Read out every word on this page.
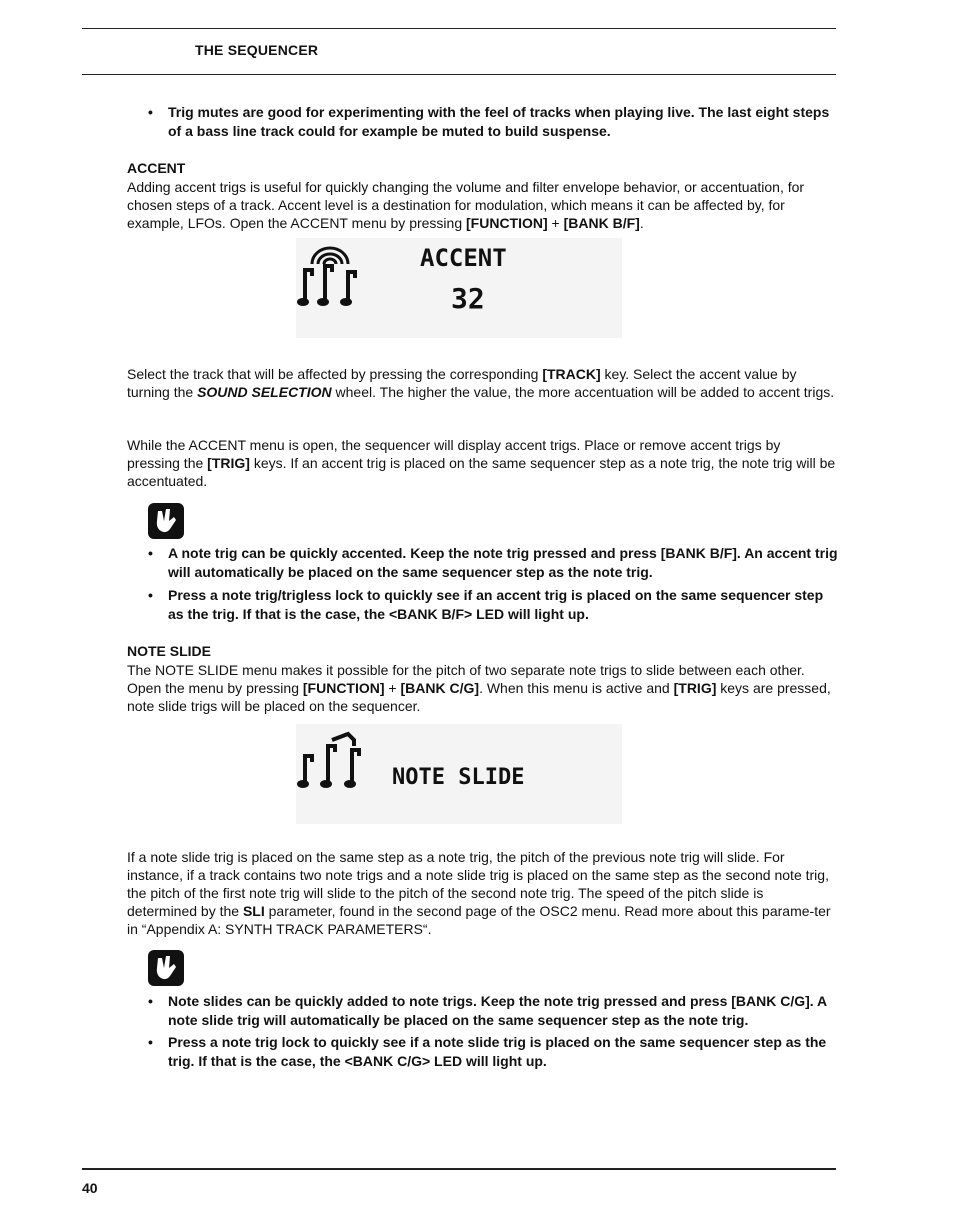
THE SEQUENCER
• Trig mutes are good for experimenting with the feel of tracks when playing live. The last eight steps of a bass line track could for example be muted to build suspense.
ACCENT
Adding accent trigs is useful for quickly changing the volume and filter envelope behavior, or accentuation, for chosen steps of a track. Accent level is a destination for modulation, which means it can be affected by, for example, LFOs. Open the ACCENT menu by pressing [FUNCTION] + [BANK B/F].
ACCENT
32
Select the track that will be affected by pressing the corresponding [TRACK] key. Select the accent value by turning the SOUND SELECTION wheel. The higher the value, the more accentuation will be added to accent trigs.
While the ACCENT menu is open, the sequencer will display accent trigs. Place or remove accent trigs by pressing the [TRIG] keys. If an accent trig is placed on the same sequencer step as a note trig, the note trig will be accentuated.
• A note trig can be quickly accented. Keep the note trig pressed and press [BANK B/F]. An accent trig will automatically be placed on the same sequencer step as the note trig.
• Press a note trig/trigless lock to quickly see if an accent trig is placed on the same sequencer step as the trig. If that is the case, the <BANK B/F> LED will light up.
NOTE SLIDE
The NOTE SLIDE menu makes it possible for the pitch of two separate note trigs to slide between each other. Open the menu by pressing [FUNCTION] + [BANK C/G]. When this menu is active and [TRIG] keys are pressed, note slide trigs will be placed on the sequencer.
NOTE SLIDE
If a note slide trig is placed on the same step as a note trig, the pitch of the previous note trig will slide. For instance, if a track contains two note trigs and a note slide trig is placed on the same step as the second note trig, the pitch of the first note trig will slide to the pitch of the second note trig. The speed of the pitch slide is determined by the SLI parameter, found in the second page of the OSC2 menu. Read more about this parame-ter in “Appendix A: SYNTH TRACK PARAMETERS“.
• Note slides can be quickly added to note trigs. Keep the note trig pressed and press [BANK C/G]. A note slide trig will automatically be placed on the same sequencer step as the note trig.
• Press a note trig lock to quickly see if a note slide trig is placed on the same sequencer step as the trig. If that is the case, the <BANK C/G> LED will light up.
40
